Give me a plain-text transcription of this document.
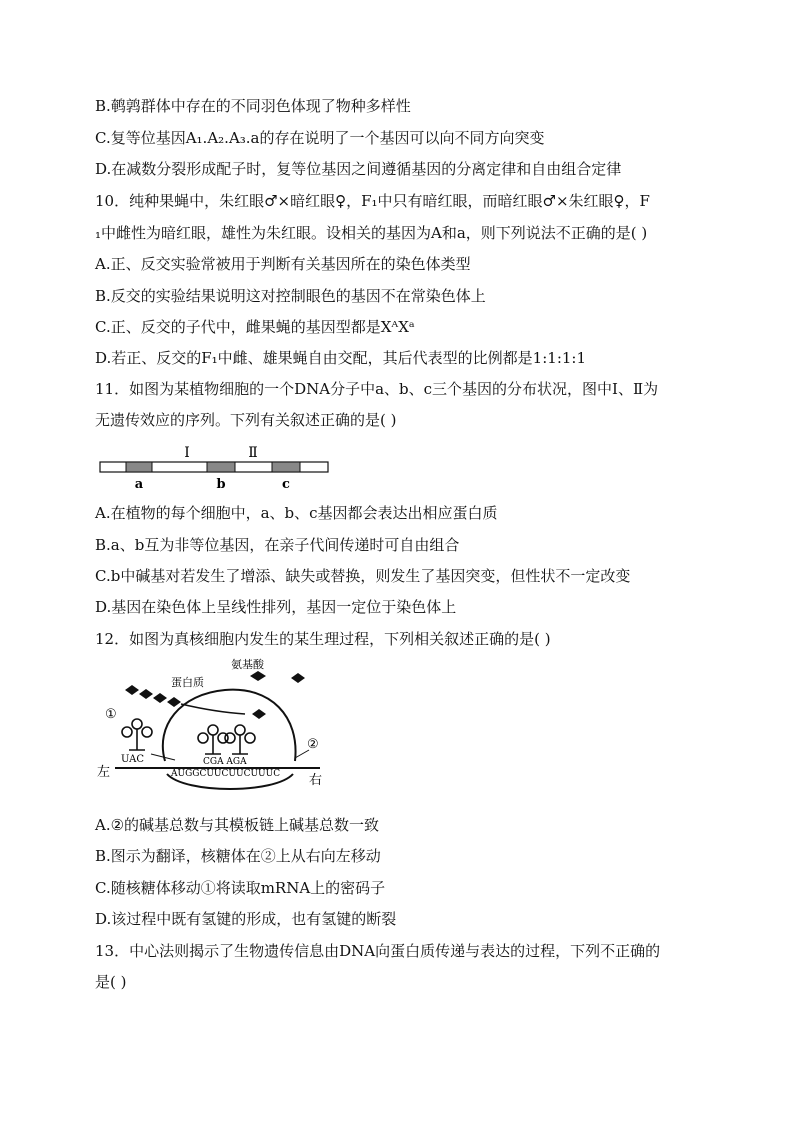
B.鹌鹑群体中存在的不同羽色体现了物种多样性
C.复等位基因A₁.A₂.A₃.a的存在说明了一个基因可以向不同方向突变
D.在减数分裂形成配子时，复等位基因之间遵循基因的分离定律和自由组合定律
10．纯种果蝇中，朱红眼♂×暗红眼♀，F₁中只有暗红眼，而暗红眼♂×朱红眼♀，F
₁中雌性为暗红眼，雄性为朱红眼。设相关的基因为A和a，则下列说法不正确的是( )
A.正、反交实验常被用于判断有关基因所在的染色体类型
B.反交的实验结果说明这对控制眼色的基因不在常染色体上
C.正、反交的子代中，雌果蝇的基因型都是XᴬXᵃ
D.若正、反交的F₁中雌、雄果蝇自由交配，其后代表型的比例都是1:1:1:1
11．如图为某植物细胞的一个DNA分子中a、b、c三个基因的分布状况，图中Ⅰ、Ⅱ为
无遗传效应的序列。下列有关叙述正确的是( )
Ⅰ	Ⅱ
a	b	c
A.在植物的每个细胞中，a、b、c基因都会表达出相应蛋白质
B.a、b互为非等位基因，在亲子代间传递时可自由组合
C.b中碱基对若发生了增添、缺失或替换，则发生了基因突变，但性状不一定改变
D.基因在染色体上呈线性排列，基因一定位于染色体上
12．如图为真核细胞内发生的某生理过程，下列相关叙述正确的是( )
氨基酸
蛋白质
①
②
UAC	CGA AGA
AUGGCUUCUUCUUUC
左
右
A.②的碱基总数与其模板链上碱基总数一致
B.图示为翻译，核糖体在②上从右向左移动
C.随核糖体移动①将读取mRNA上的密码子
D.该过程中既有氢键的形成，也有氢键的断裂
13．中心法则揭示了生物遗传信息由DNA向蛋白质传递与表达的过程，下列不正确的
是( )
